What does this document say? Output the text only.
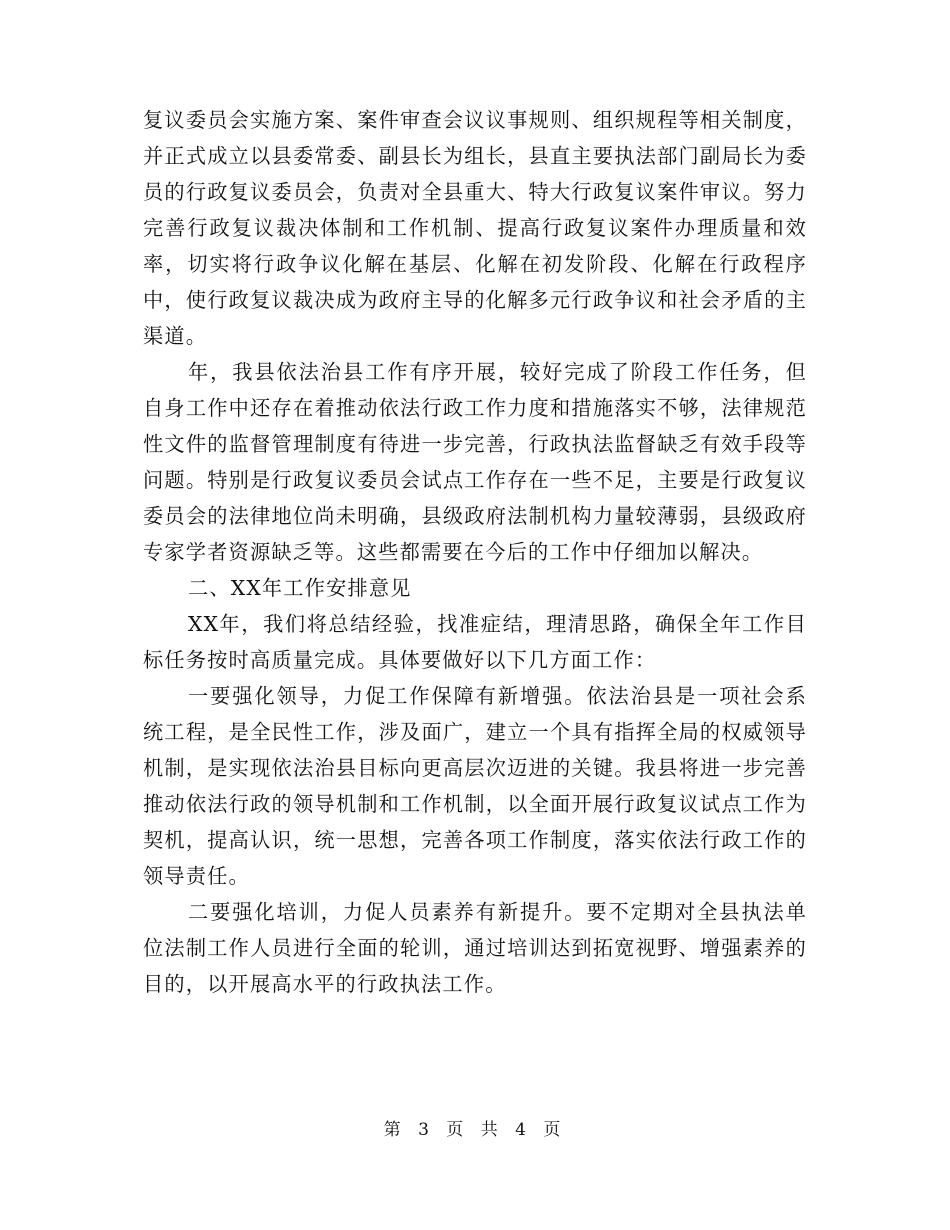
复议委员会实施方案、案件审查会议议事规则、组织规程等相关制度，并正式成立以县委常委、副县长为组长，县直主要执法部门副局长为委员的行政复议委员会，负责对全县重大、特大行政复议案件审议。努力完善行政复议裁决体制和工作机制、提高行政复议案件办理质量和效率，切实将行政争议化解在基层、化解在初发阶段、化解在行政程序中，使行政复议裁决成为政府主导的化解多元行政争议和社会矛盾的主渠道。

年，我县依法治县工作有序开展，较好完成了阶段工作任务，但自身工作中还存在着推动依法行政工作力度和措施落实不够，法律规范性文件的监督管理制度有待进一步完善，行政执法监督缺乏有效手段等问题。特别是行政复议委员会试点工作存在一些不足，主要是行政复议委员会的法律地位尚未明确，县级政府法制机构力量较薄弱，县级政府专家学者资源缺乏等。这些都需要在今后的工作中仔细加以解决。

二、XX年工作安排意见

XX年，我们将总结经验，找准症结，理清思路，确保全年工作目标任务按时高质量完成。具体要做好以下几方面工作：

一要强化领导，力促工作保障有新增强。依法治县是一项社会系统工程，是全民性工作，涉及面广，建立一个具有指挥全局的权威领导机制，是实现依法治县目标向更高层次迈进的关键。我县将进一步完善推动依法行政的领导机制和工作机制，以全面开展行政复议试点工作为契机，提高认识，统一思想，完善各项工作制度，落实依法行政工作的领导责任。

二要强化培训，力促人员素养有新提升。要不定期对全县执法单位法制工作人员进行全面的轮训，通过培训达到拓宽视野、增强素养的目的，以开展高水平的行政执法工作。

第 3 页 共 4 页
